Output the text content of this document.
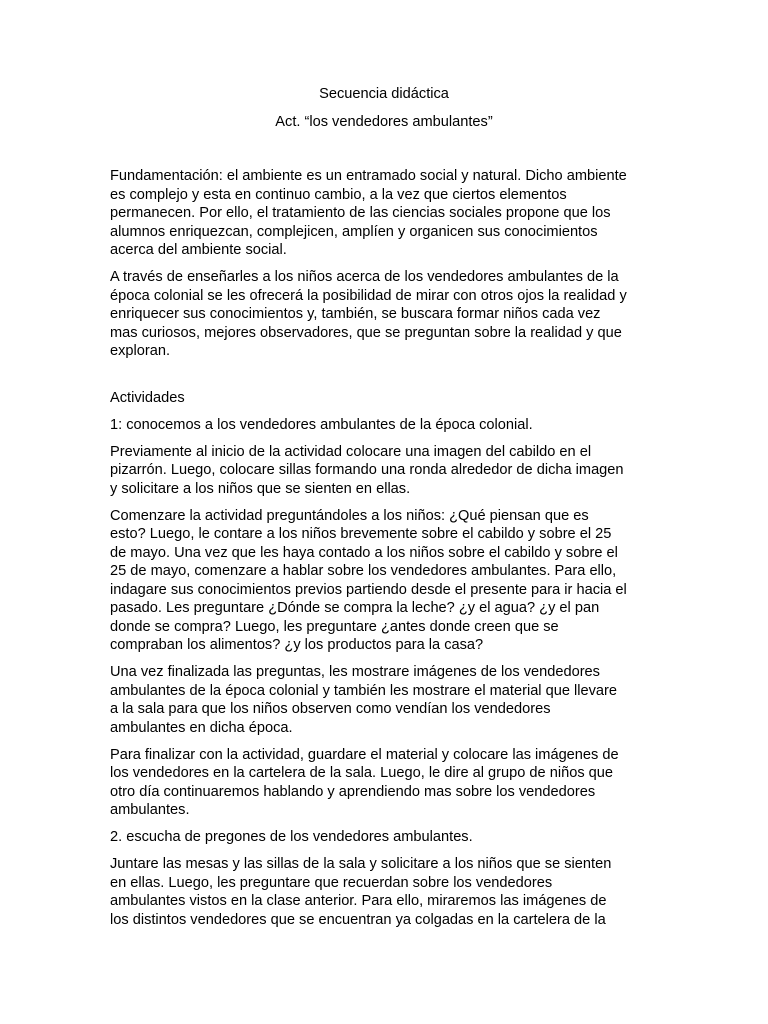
Secuencia didáctica
Act. “los vendedores ambulantes”
Fundamentación: el ambiente es un entramado social y natural. Dicho ambiente
es complejo y esta en continuo cambio, a la vez que ciertos elementos
permanecen. Por ello, el tratamiento de las ciencias sociales propone que los
alumnos enriquezcan, complejicen, amplíen y organicen sus conocimientos
acerca del ambiente social.
A través de enseñarles a los niños acerca de los vendedores ambulantes de la
época colonial se les ofrecerá la posibilidad de mirar con otros ojos la realidad y
enriquecer sus conocimientos y, también, se buscara formar niños cada vez
mas curiosos, mejores observadores, que se preguntan sobre la realidad y que
exploran.
Actividades
1: conocemos a los vendedores ambulantes de la época colonial.
Previamente al inicio de la actividad colocare una imagen del cabildo en el
pizarrón. Luego, colocare sillas formando una ronda alrededor de dicha imagen
y solicitare a los niños que se sienten en ellas.
Comenzare la actividad preguntándoles a los niños: ¿Qué piensan que es
esto? Luego, le contare a los niños brevemente sobre el cabildo y sobre el 25
de mayo. Una vez que les haya contado a los niños sobre el cabildo y sobre el
25 de mayo, comenzare a hablar sobre los vendedores ambulantes. Para ello,
indagare sus conocimientos previos partiendo desde el presente para ir hacia el
pasado. Les preguntare ¿Dónde se compra la leche? ¿y el agua? ¿y el pan
donde se compra? Luego, les preguntare ¿antes donde creen que se
compraban los alimentos? ¿y los productos para la casa?
Una vez finalizada las preguntas, les mostrare imágenes de los vendedores
ambulantes de la época colonial y también les mostrare el material que llevare
a la sala para que los niños observen como vendían los vendedores
ambulantes en dicha época.
Para finalizar con la actividad, guardare el material y colocare las imágenes de
los vendedores en la cartelera de la sala. Luego, le dire al grupo de niños que
otro día continuaremos hablando y aprendiendo mas sobre los vendedores
ambulantes.
2. escucha de pregones de los vendedores ambulantes.
Juntare las mesas y las sillas de la sala y solicitare a los niños que se sienten
en ellas. Luego, les preguntare que recuerdan sobre los vendedores
ambulantes vistos en la clase anterior. Para ello, miraremos las imágenes de
los distintos vendedores que se encuentran ya colgadas en la cartelera de la
